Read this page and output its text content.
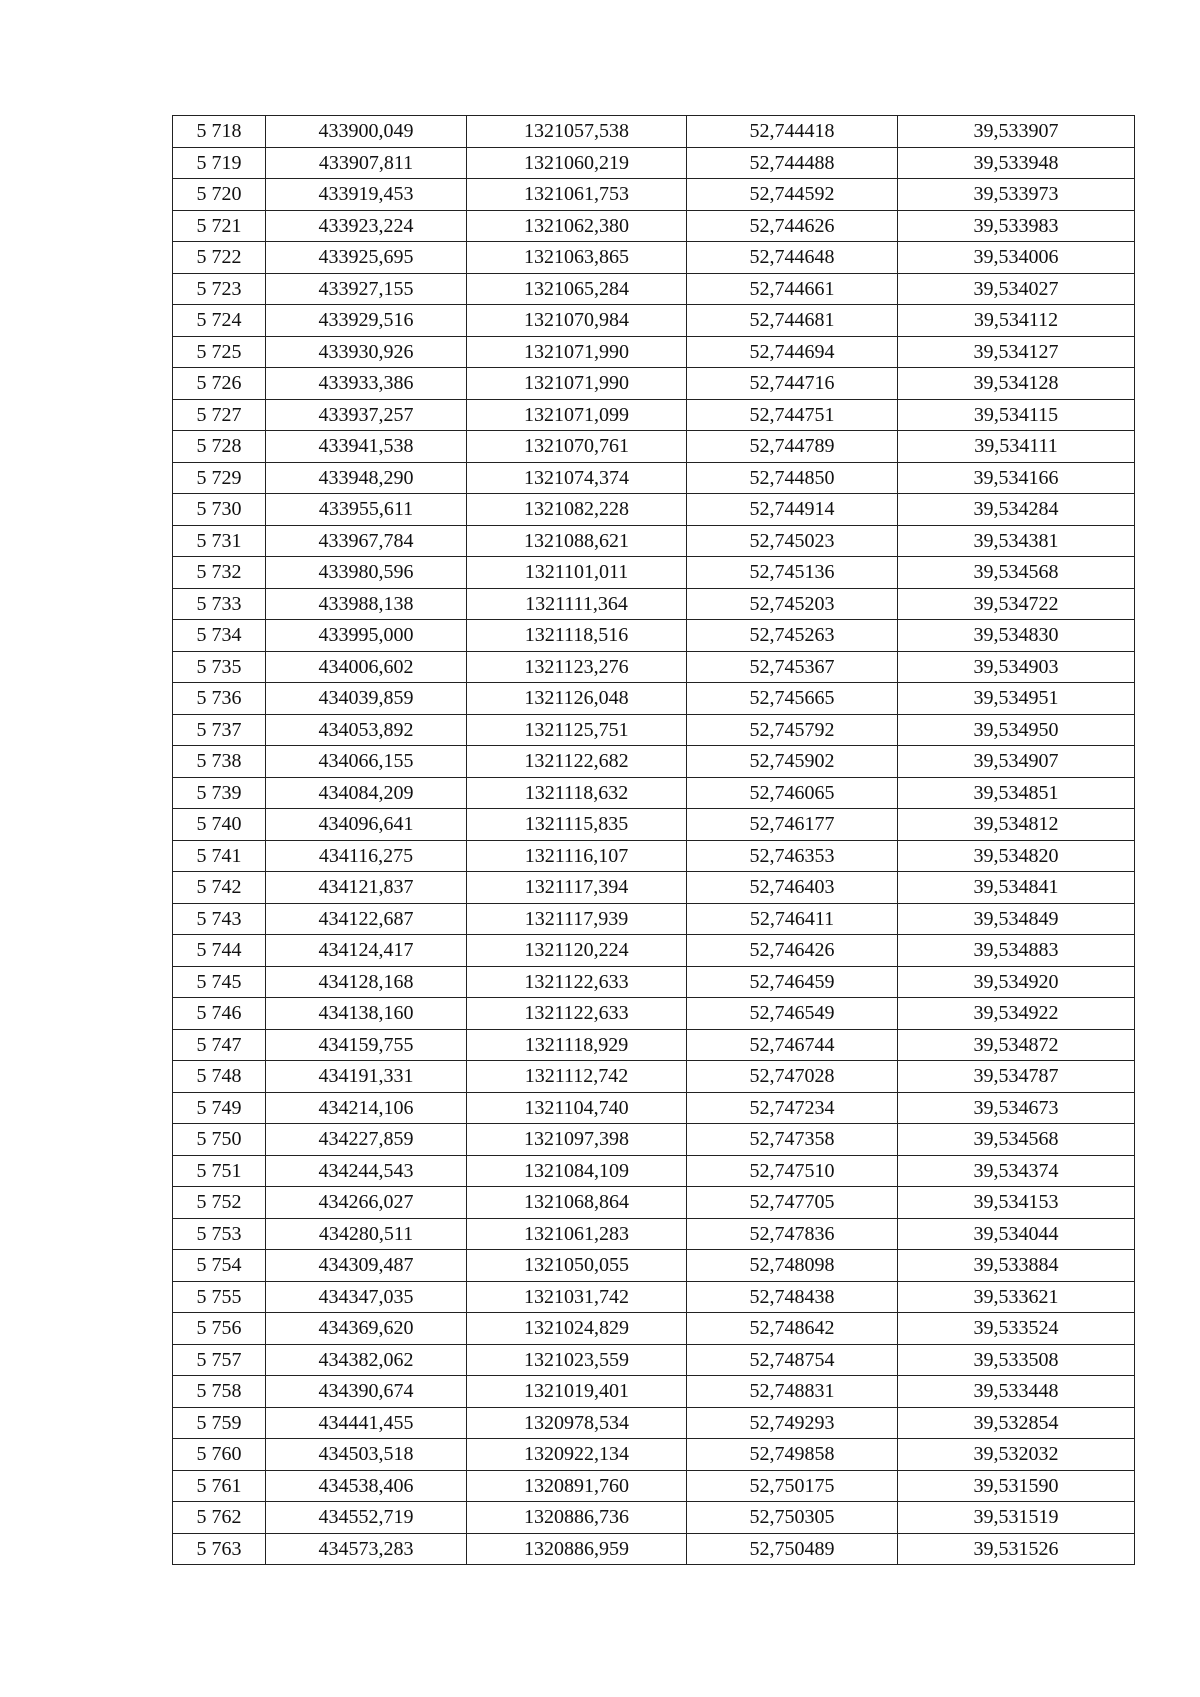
5 718	433900,049	1321057,538	52,744418	39,533907
5 719	433907,811	1321060,219	52,744488	39,533948
5 720	433919,453	1321061,753	52,744592	39,533973
5 721	433923,224	1321062,380	52,744626	39,533983
5 722	433925,695	1321063,865	52,744648	39,534006
5 723	433927,155	1321065,284	52,744661	39,534027
5 724	433929,516	1321070,984	52,744681	39,534112
5 725	433930,926	1321071,990	52,744694	39,534127
5 726	433933,386	1321071,990	52,744716	39,534128
5 727	433937,257	1321071,099	52,744751	39,534115
5 728	433941,538	1321070,761	52,744789	39,534111
5 729	433948,290	1321074,374	52,744850	39,534166
5 730	433955,611	1321082,228	52,744914	39,534284
5 731	433967,784	1321088,621	52,745023	39,534381
5 732	433980,596	1321101,011	52,745136	39,534568
5 733	433988,138	1321111,364	52,745203	39,534722
5 734	433995,000	1321118,516	52,745263	39,534830
5 735	434006,602	1321123,276	52,745367	39,534903
5 736	434039,859	1321126,048	52,745665	39,534951
5 737	434053,892	1321125,751	52,745792	39,534950
5 738	434066,155	1321122,682	52,745902	39,534907
5 739	434084,209	1321118,632	52,746065	39,534851
5 740	434096,641	1321115,835	52,746177	39,534812
5 741	434116,275	1321116,107	52,746353	39,534820
5 742	434121,837	1321117,394	52,746403	39,534841
5 743	434122,687	1321117,939	52,746411	39,534849
5 744	434124,417	1321120,224	52,746426	39,534883
5 745	434128,168	1321122,633	52,746459	39,534920
5 746	434138,160	1321122,633	52,746549	39,534922
5 747	434159,755	1321118,929	52,746744	39,534872
5 748	434191,331	1321112,742	52,747028	39,534787
5 749	434214,106	1321104,740	52,747234	39,534673
5 750	434227,859	1321097,398	52,747358	39,534568
5 751	434244,543	1321084,109	52,747510	39,534374
5 752	434266,027	1321068,864	52,747705	39,534153
5 753	434280,511	1321061,283	52,747836	39,534044
5 754	434309,487	1321050,055	52,748098	39,533884
5 755	434347,035	1321031,742	52,748438	39,533621
5 756	434369,620	1321024,829	52,748642	39,533524
5 757	434382,062	1321023,559	52,748754	39,533508
5 758	434390,674	1321019,401	52,748831	39,533448
5 759	434441,455	1320978,534	52,749293	39,532854
5 760	434503,518	1320922,134	52,749858	39,532032
5 761	434538,406	1320891,760	52,750175	39,531590
5 762	434552,719	1320886,736	52,750305	39,531519
5 763	434573,283	1320886,959	52,750489	39,531526
